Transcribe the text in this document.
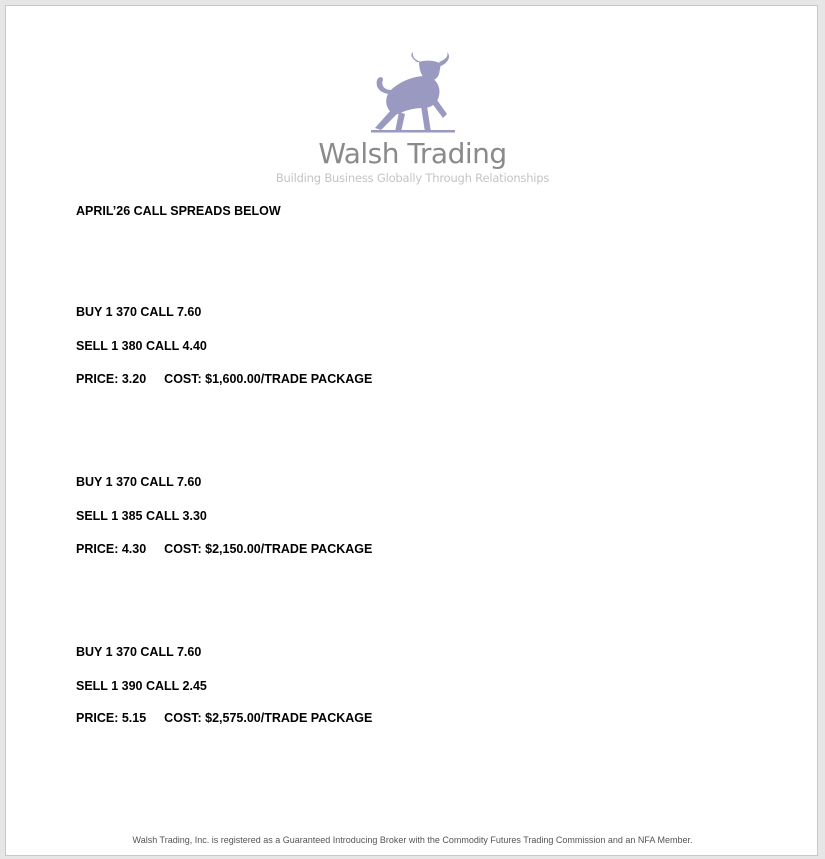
Walsh Trading
Building Business Globally Through Relationships
APRIL’26 CALL SPREADS BELOW
BUY 1 370 CALL 7.60
SELL 1 380 CALL 4.40
PRICE: 3.20 COST: $1,600.00/TRADE PACKAGE
BUY 1 370 CALL 7.60
SELL 1 385 CALL 3.30
PRICE: 4.30 COST: $2,150.00/TRADE PACKAGE
BUY 1 370 CALL 7.60
SELL 1 390 CALL 2.45
PRICE: 5.15 COST: $2,575.00/TRADE PACKAGE
Walsh Trading, Inc. is registered as a Guaranteed Introducing Broker with the Commodity Futures Trading Commission and an NFA Member.
